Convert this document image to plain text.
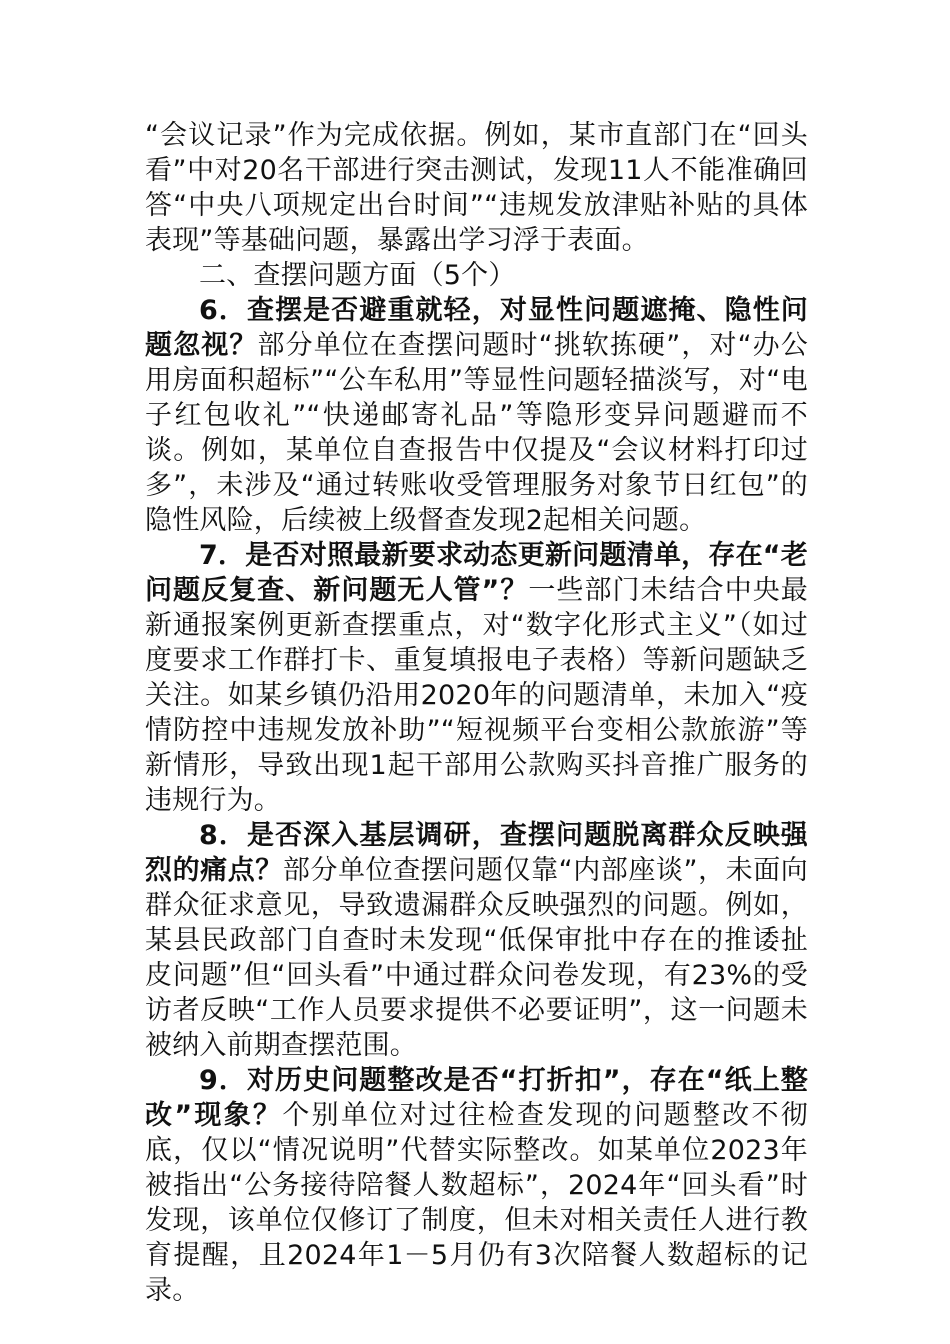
“会议记录”作为完成依据。例如，某市直部门在“回头看”中对20名干部进行突击测试，发现11人不能准确回答“中央八项规定出台时间”“违规发放津贴补贴的具体表现”等基础问题，暴露出学习浮于表面。

二、查摆问题方面（5个）

6．查摆是否避重就轻，对显性问题遮掩、隐性问题忽视？部分单位在查摆问题时“挑软拣硬”，对“办公用房面积超标”“公车私用”等显性问题轻描淡写，对“电子红包收礼”“快递邮寄礼品”等隐形变异问题避而不谈。例如，某单位自查报告中仅提及“会议材料打印过多”，未涉及“通过转账收受管理服务对象节日红包”的隐性风险，后续被上级督查发现2起相关问题。

7．是否对照最新要求动态更新问题清单，存在“老问题反复查、新问题无人管”？一些部门未结合中央最新通报案例更新查摆重点，对“数字化形式主义”（如过度要求工作群打卡、重复填报电子表格）等新问题缺乏关注。如某乡镇仍沿用2020年的问题清单，未加入“疫情防控中违规发放补助”“短视频平台变相公款旅游”等新情形，导致出现1起干部用公款购买抖音推广服务的违规行为。

8．是否深入基层调研，查摆问题脱离群众反映强烈的痛点？部分单位查摆问题仅靠“内部座谈”，未面向群众征求意见，导致遗漏群众反映强烈的问题。例如，某县民政部门自查时未发现“低保审批中存在的推诿扯皮问题”但“回头看”中通过群众问卷发现，有23%的受访者反映“工作人员要求提供不必要证明”，这一问题未被纳入前期查摆范围。

9．对历史问题整改是否“打折扣”，存在“纸上整改”现象？个别单位对过往检查发现的问题整改不彻底，仅以“情况说明”代替实际整改。如某单位2023年被指出“公务接待陪餐人数超标”，2024年“回头看”时发现，该单位仅修订了制度，但未对相关责任人进行教育提醒，且2024年1－5月仍有3次陪餐人数超标的记录。
